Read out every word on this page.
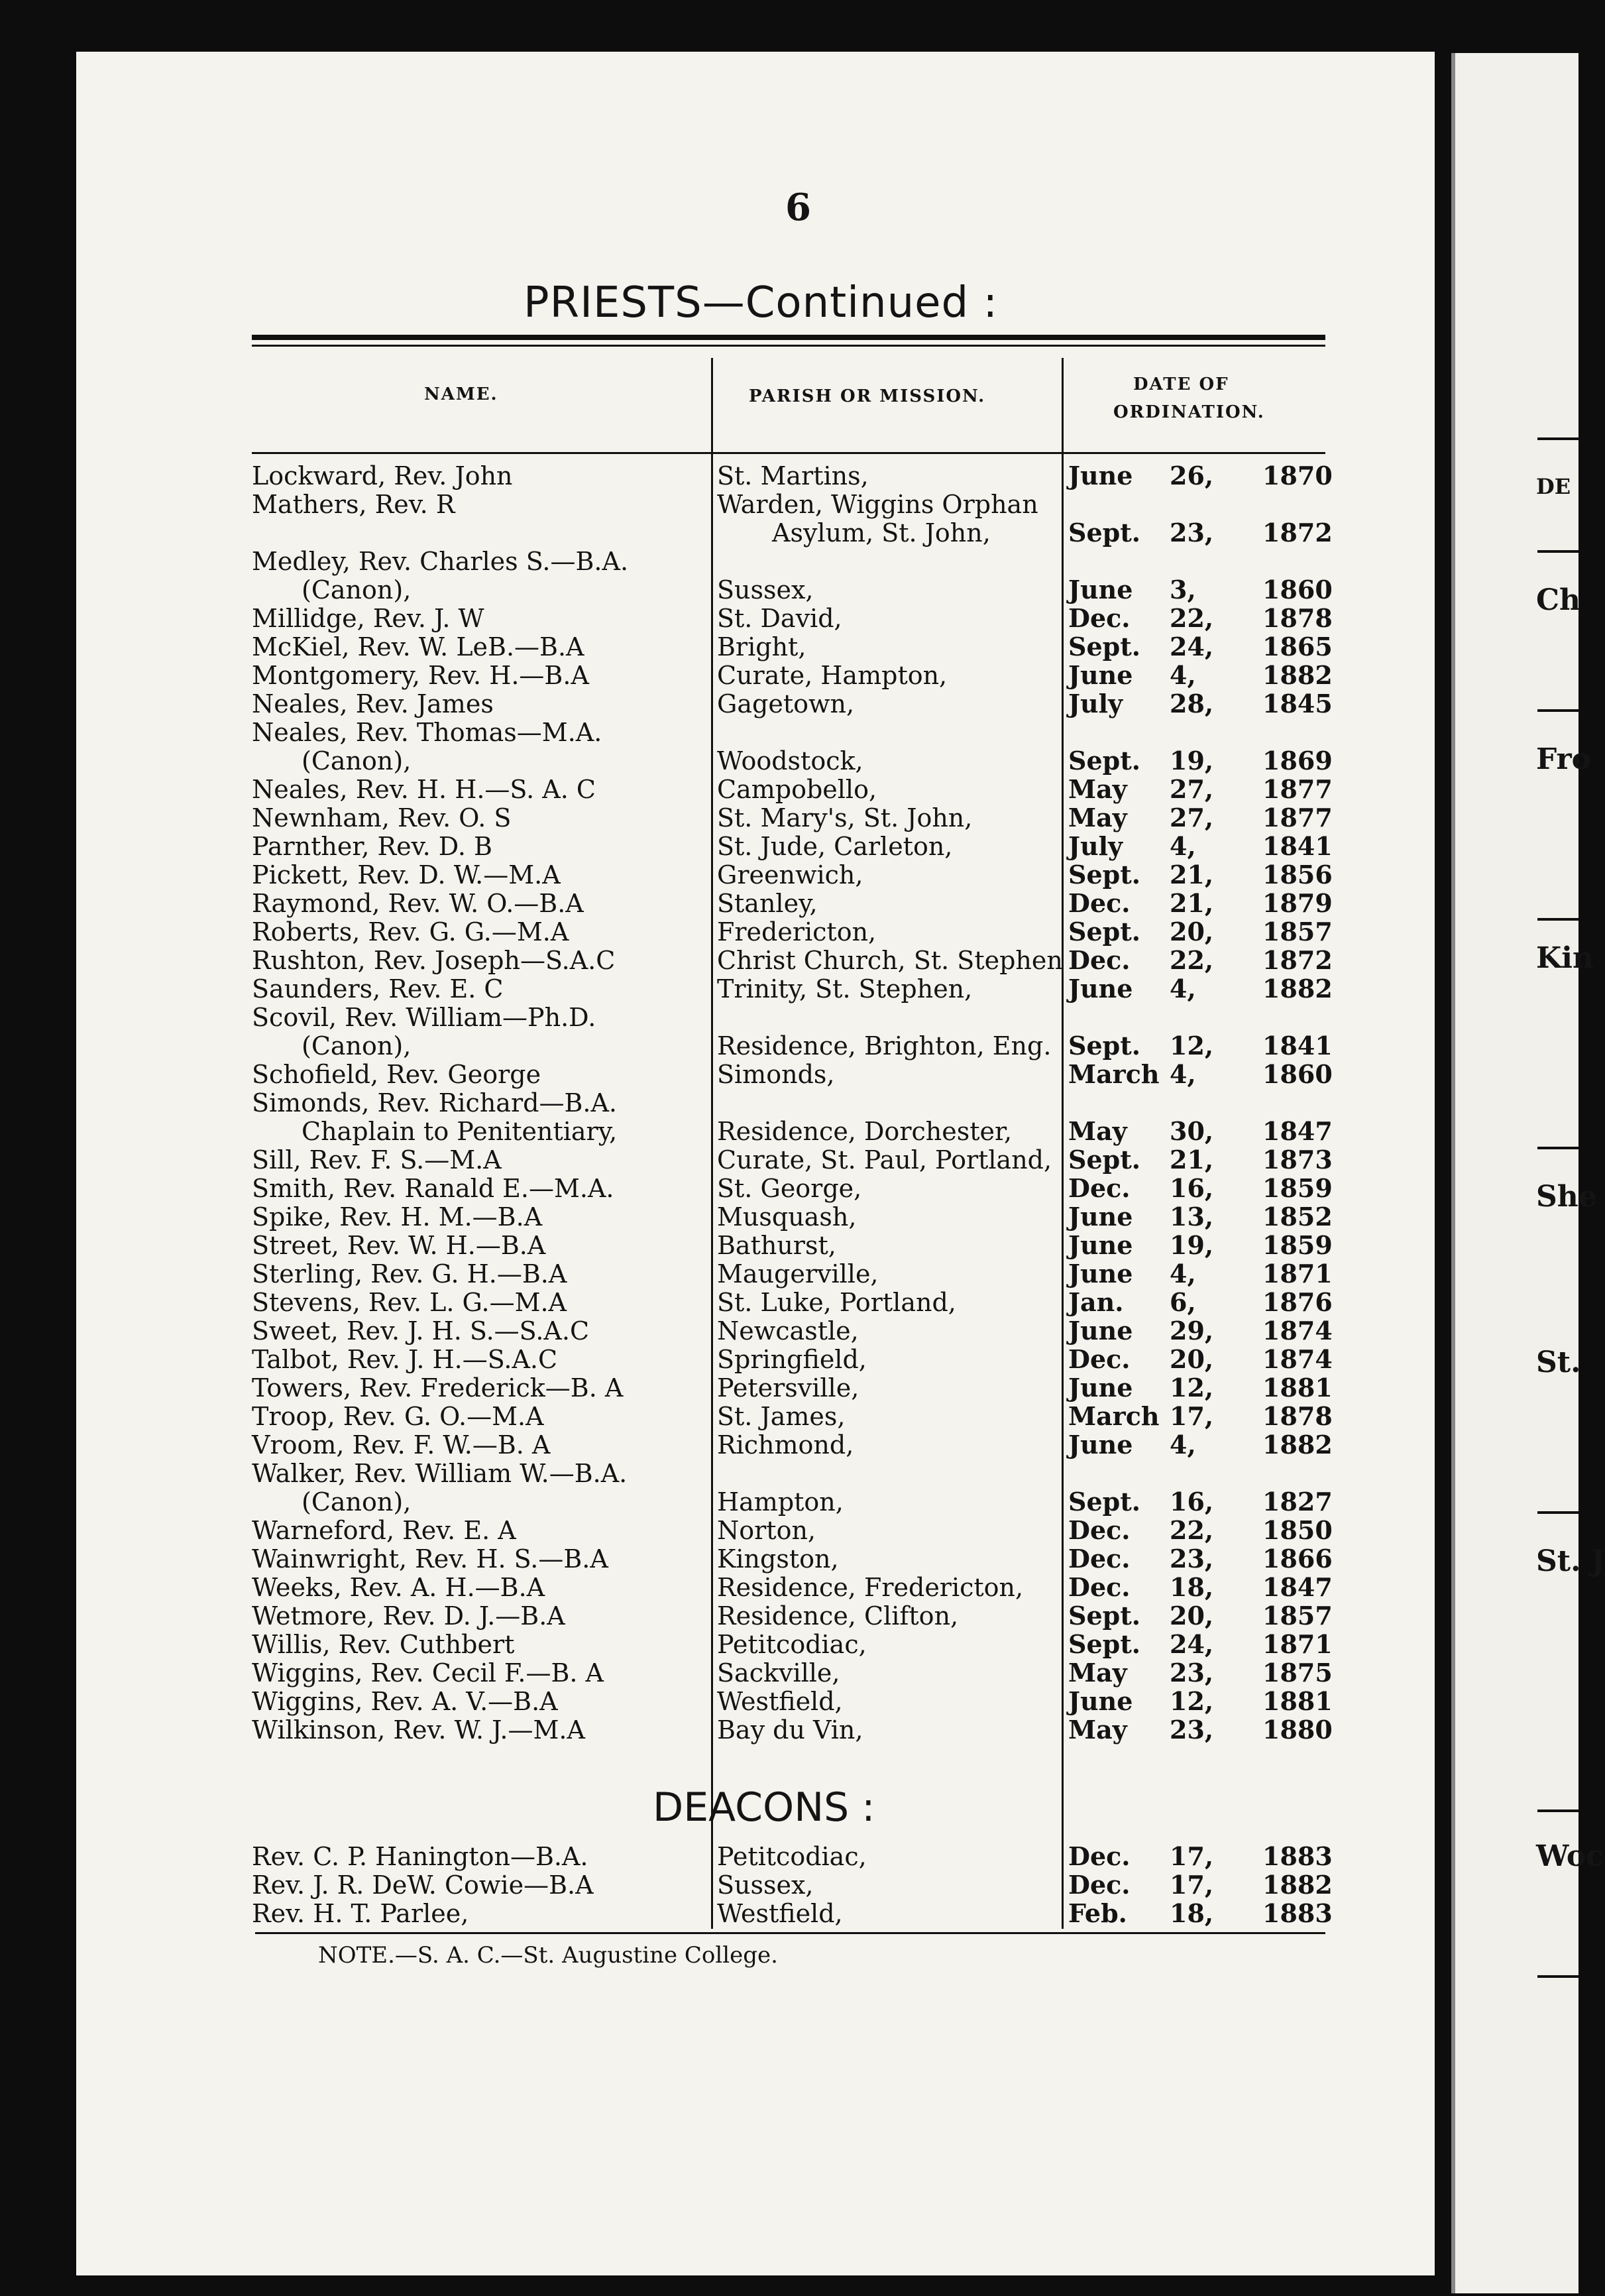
6
PRIESTS—Continued :
NAME.	PARISH OR MISSION.
DATE OF
ORDINATION.
Lockward, Rev. John	St. Martins,	June 26, 1870
Mathers, Rev. R	Warden, Wiggins Orphan
Asylum, St. John,	Sept. 23, 1872
Medley, Rev. Charles S.—B.A.
(Canon),	Sussex,	June 3,	1860
Millidge, Rev. J. W	St. David,	Dec. 22, 1878
McKiel, Rev. W. LeB.—B.A	Bright,	Sept. 24, 1865
Montgomery, Rev. H.—B.A	Curate, Hampton,	June 4,	1882
Neales, Rev. James	Gagetown,	July 28, 1845
Neales, Rev. Thomas—M.A.
(Canon),	Woodstock,	Sept. 19, 1869
Neales, Rev. H. H.—S. A. C	Campobello,	May 27, 1877
Newnham, Rev. O. S	St. Mary's, St. John,	May 27, 1877
Parnther, Rev. D. B	St. Jude, Carleton,	July 4,	1841
Pickett, Rev. D. W.—M.A	Greenwich,	Sept. 21, 1856
Raymond, Rev. W. O.—B.A	Stanley,	Dec. 21, 1879
Roberts, Rev. G. G.—M.A	Fredericton,	Sept. 20, 1857
Rushton, Rev. Joseph—S.A.C	Christ Church, St. Stephen Dec. 22, 1872
Saunders, Rev. E. C	Trinity, St. Stephen,	June 4,	1882
Scovil, Rev. William—Ph.D.
(Canon),	Residence, Brighton, Eng. Sept. 12, 1841
Schofield, Rev. George	Simonds,	March 4,	1860
Simonds, Rev. Richard—B.A.
Chaplain to Penitentiary,	Residence, Dorchester, May 30, 1847
Sill, Rev. F. S.—M.A	Curate, St. Paul, Portland, Sept. 21, 1873
Smith, Rev. Ranald E.—M.A.	St. George,	Dec. 16, 1859
Spike, Rev. H. M.—B.A	Musquash,	June 13, 1852
Street, Rev. W. H.—B.A	Bathurst,	June 19, 1859
Sterling, Rev. G. H.—B.A	Maugerville,	June 4,	1871
Stevens, Rev. L. G.—M.A	St. Luke, Portland,	Jan. 6,	1876
Sweet, Rev. J. H. S.—S.A.C	Newcastle,	June 29, 1874
Talbot, Rev. J. H.—S.A.C	Springfield,	Dec. 20, 1874
Towers, Rev. Frederick—B. A	Petersville,	June 12, 1881
Troop, Rev. G. O.—M.A	St. James,	March 17, 1878
Vroom, Rev. F. W.—B. A	Richmond,	June 4,	1882
Walker, Rev. William W.—B.A.
(Canon),	Hampton,	Sept. 16, 1827
Warneford, Rev. E. A	Norton,	Dec. 22, 1850
Wainwright, Rev. H. S.—B.A	Kingston,	Dec. 23, 1866
Weeks, Rev. A. H.—B.A	Residence, Fredericton, Dec. 18, 1847
Wetmore, Rev. D. J.—B.A	Residence, Clifton,	Sept. 20, 1857
Willis, Rev. Cuthbert	Petitcodiac,	Sept. 24, 1871
Wiggins, Rev. Cecil F.—B. A	Sackville,	May 23, 1875
Wiggins, Rev. A. V.—B.A	Westfield,	June 12, 1881
Wilkinson, Rev. W. J.—M.A	Bay du Vin,	May 23, 1880
DEACONS :
Rev. C. P. Hanington—B.A.	Petitcodiac,	Dec. 17, 1883
Rev. J. R. DeW. Cowie—B.A	Sussex,	Dec. 17, 1882
Rev. H. T. Parlee,	Westfield,	Feb. 18, 1883
NOTE.—S. A. C.—St. Augustine College.
DE
Ch
Fro
Kin
She
St.
St. J
Woc
